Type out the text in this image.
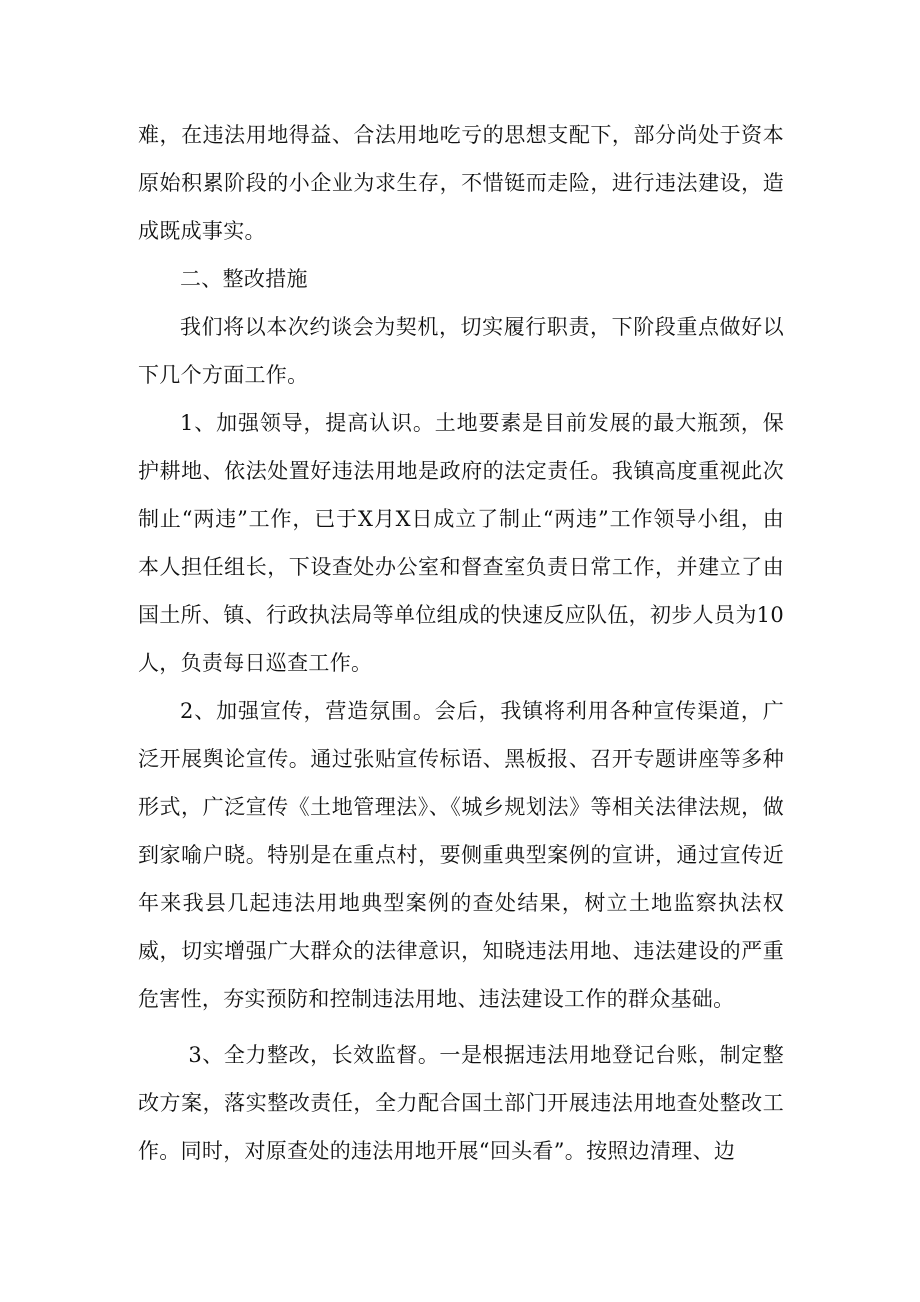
难，在违法用地得益、合法用地吃亏的思想支配下，部分尚处于资本原始积累阶段的小企业为求生存，不惜铤而走险，进行违法建设，造成既成事实。

二、整改措施

我们将以本次约谈会为契机，切实履行职责，下阶段重点做好以下几个方面工作。

1、加强领导，提高认识。土地要素是目前发展的最大瓶颈，保护耕地、依法处置好违法用地是政府的法定责任。我镇高度重视此次制止“两违”工作，已于X月X日成立了制止“两违”工作领导小组，由本人担任组长，下设查处办公室和督查室负责日常工作，并建立了由国土所、镇、行政执法局等单位组成的快速反应队伍，初步人员为10人，负责每日巡查工作。

2、加强宣传，营造氛围。会后，我镇将利用各种宣传渠道，广泛开展舆论宣传。通过张贴宣传标语、黑板报、召开专题讲座等多种形式，广泛宣传《土地管理法》、《城乡规划法》等相关法律法规，做到家喻户晓。特别是在重点村，要侧重典型案例的宣讲，通过宣传近年来我县几起违法用地典型案例的查处结果，树立土地监察执法权威，切实增强广大群众的法律意识，知晓违法用地、违法建设的严重危害性，夯实预防和控制违法用地、违法建设工作的群众基础。

3、全力整改，长效监督。一是根据违法用地登记台账，制定整改方案，落实整改责任，全力配合国土部门开展违法用地查处整改工作。同时，对原查处的违法用地开展“回头看”。按照边清理、边
